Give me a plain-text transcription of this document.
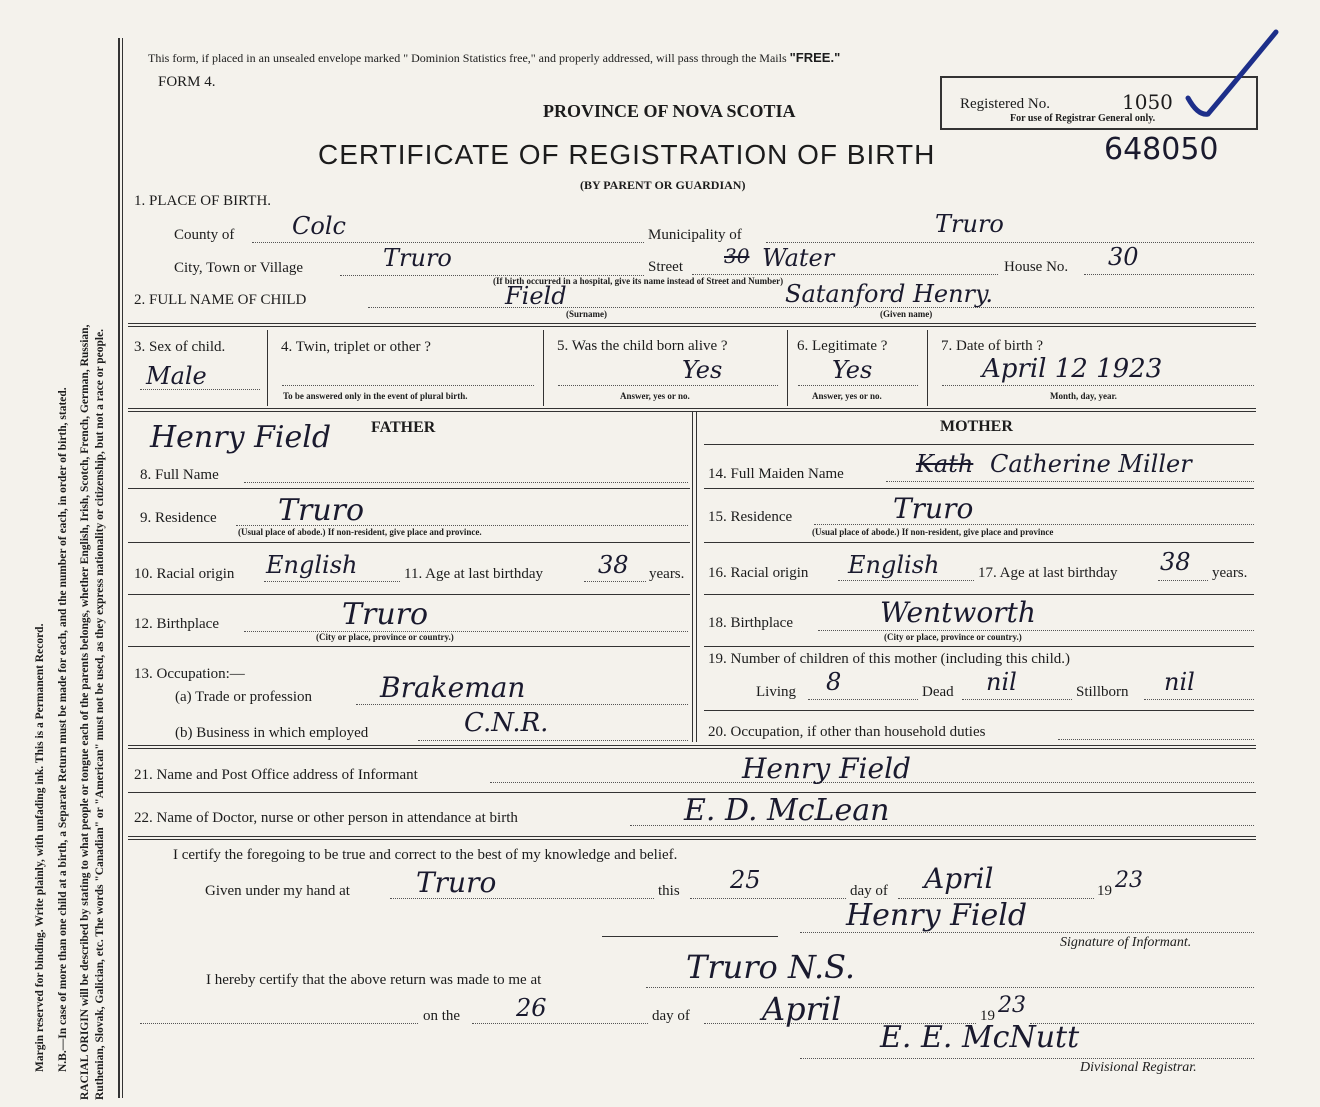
Margin reserved for binding. Write plainly, with unfading ink. This is a Permanent Record. N.B.—In case of more than one child at a birth, a Separate Return must be made for each, and the number of each, in order of birth, stated. RACIAL ORIGIN will be described by stating to what people or tongue each of the parents belongs, whether English, Irish, Scotch, French, German, Russian, Ruthenian, Slovak, Galician, etc. The words "Canadian" or "American" must not be used, as they express nationality or citizenship, but not a race or people.
This form, if placed in an unsealed envelope marked " Dominion Statistics free," and properly addressed, will pass through the Mails "FREE."
FORM 4.
PROVINCE OF NOVA SCOTIA	Registered No.	1050
For use of Registrar General only.
CERTIFICATE OF REGISTRATION OF BIRTH	648050
(BY PARENT OR GUARDIAN)
1. PLACE OF BIRTH.
County of Colc	Municipality of	Truro
City, Town or Village	Truro	Street 30 Water	House No. 30
(If birth occurred in a hospital, give its name instead of Street and Number)
2. FULL NAME OF CHILD	Field	Satanford Henry.
(Surname)	(Given name)
3. Sex of child.
Male
4. Twin, triplet or other ?
To be answered only in the event of plural birth.
5. Was the child born alive ?
Yes
Answer, yes or no.
6. Legitimate ?
Yes
Answer, yes or no.
7. Date of birth ?
April 12 1923
Month, day, year.
Henry Field FATHER	MOTHER
8. Full Name	14. Full Maiden Name	Kath Catherine Miller
9. Residence Truro
(Usual place of abode.) If non-resident, give place and province.
15. Residence	Truro
(Usual place of abode.) If non-resident, give place and province
10. Racial origin English	11. Age at last birthday 38 years. 16. Racial origin English	17. Age at last birthday 38 years.
12. Birthplace	Truro
(City or place, province or country.)
18. Birthplace	Wentworth
(City or place, province or country.)
13. Occupation:—
(a) Trade or profession Brakeman
(b) Business in which employed	C.N.R.
19. Number of children of this mother (including this child.)
Living 8	Dead nil	Stillborn nil
20. Occupation, if other than household duties
21. Name and Post Office address of Informant	Henry Field
22. Name of Doctor, nurse or other person in attendance at birth	E. D. McLean
I certify the foregoing to be true and correct to the best of my knowledge and belief.
Given under my hand at Truro	this 25	day of April	19 23
Henry Field
Signature of Informant.
I hereby certify that the above return was made to me at	Truro N.S.
on the 26	day of April	19 23
E. E. McNutt
Divisional Registrar.
